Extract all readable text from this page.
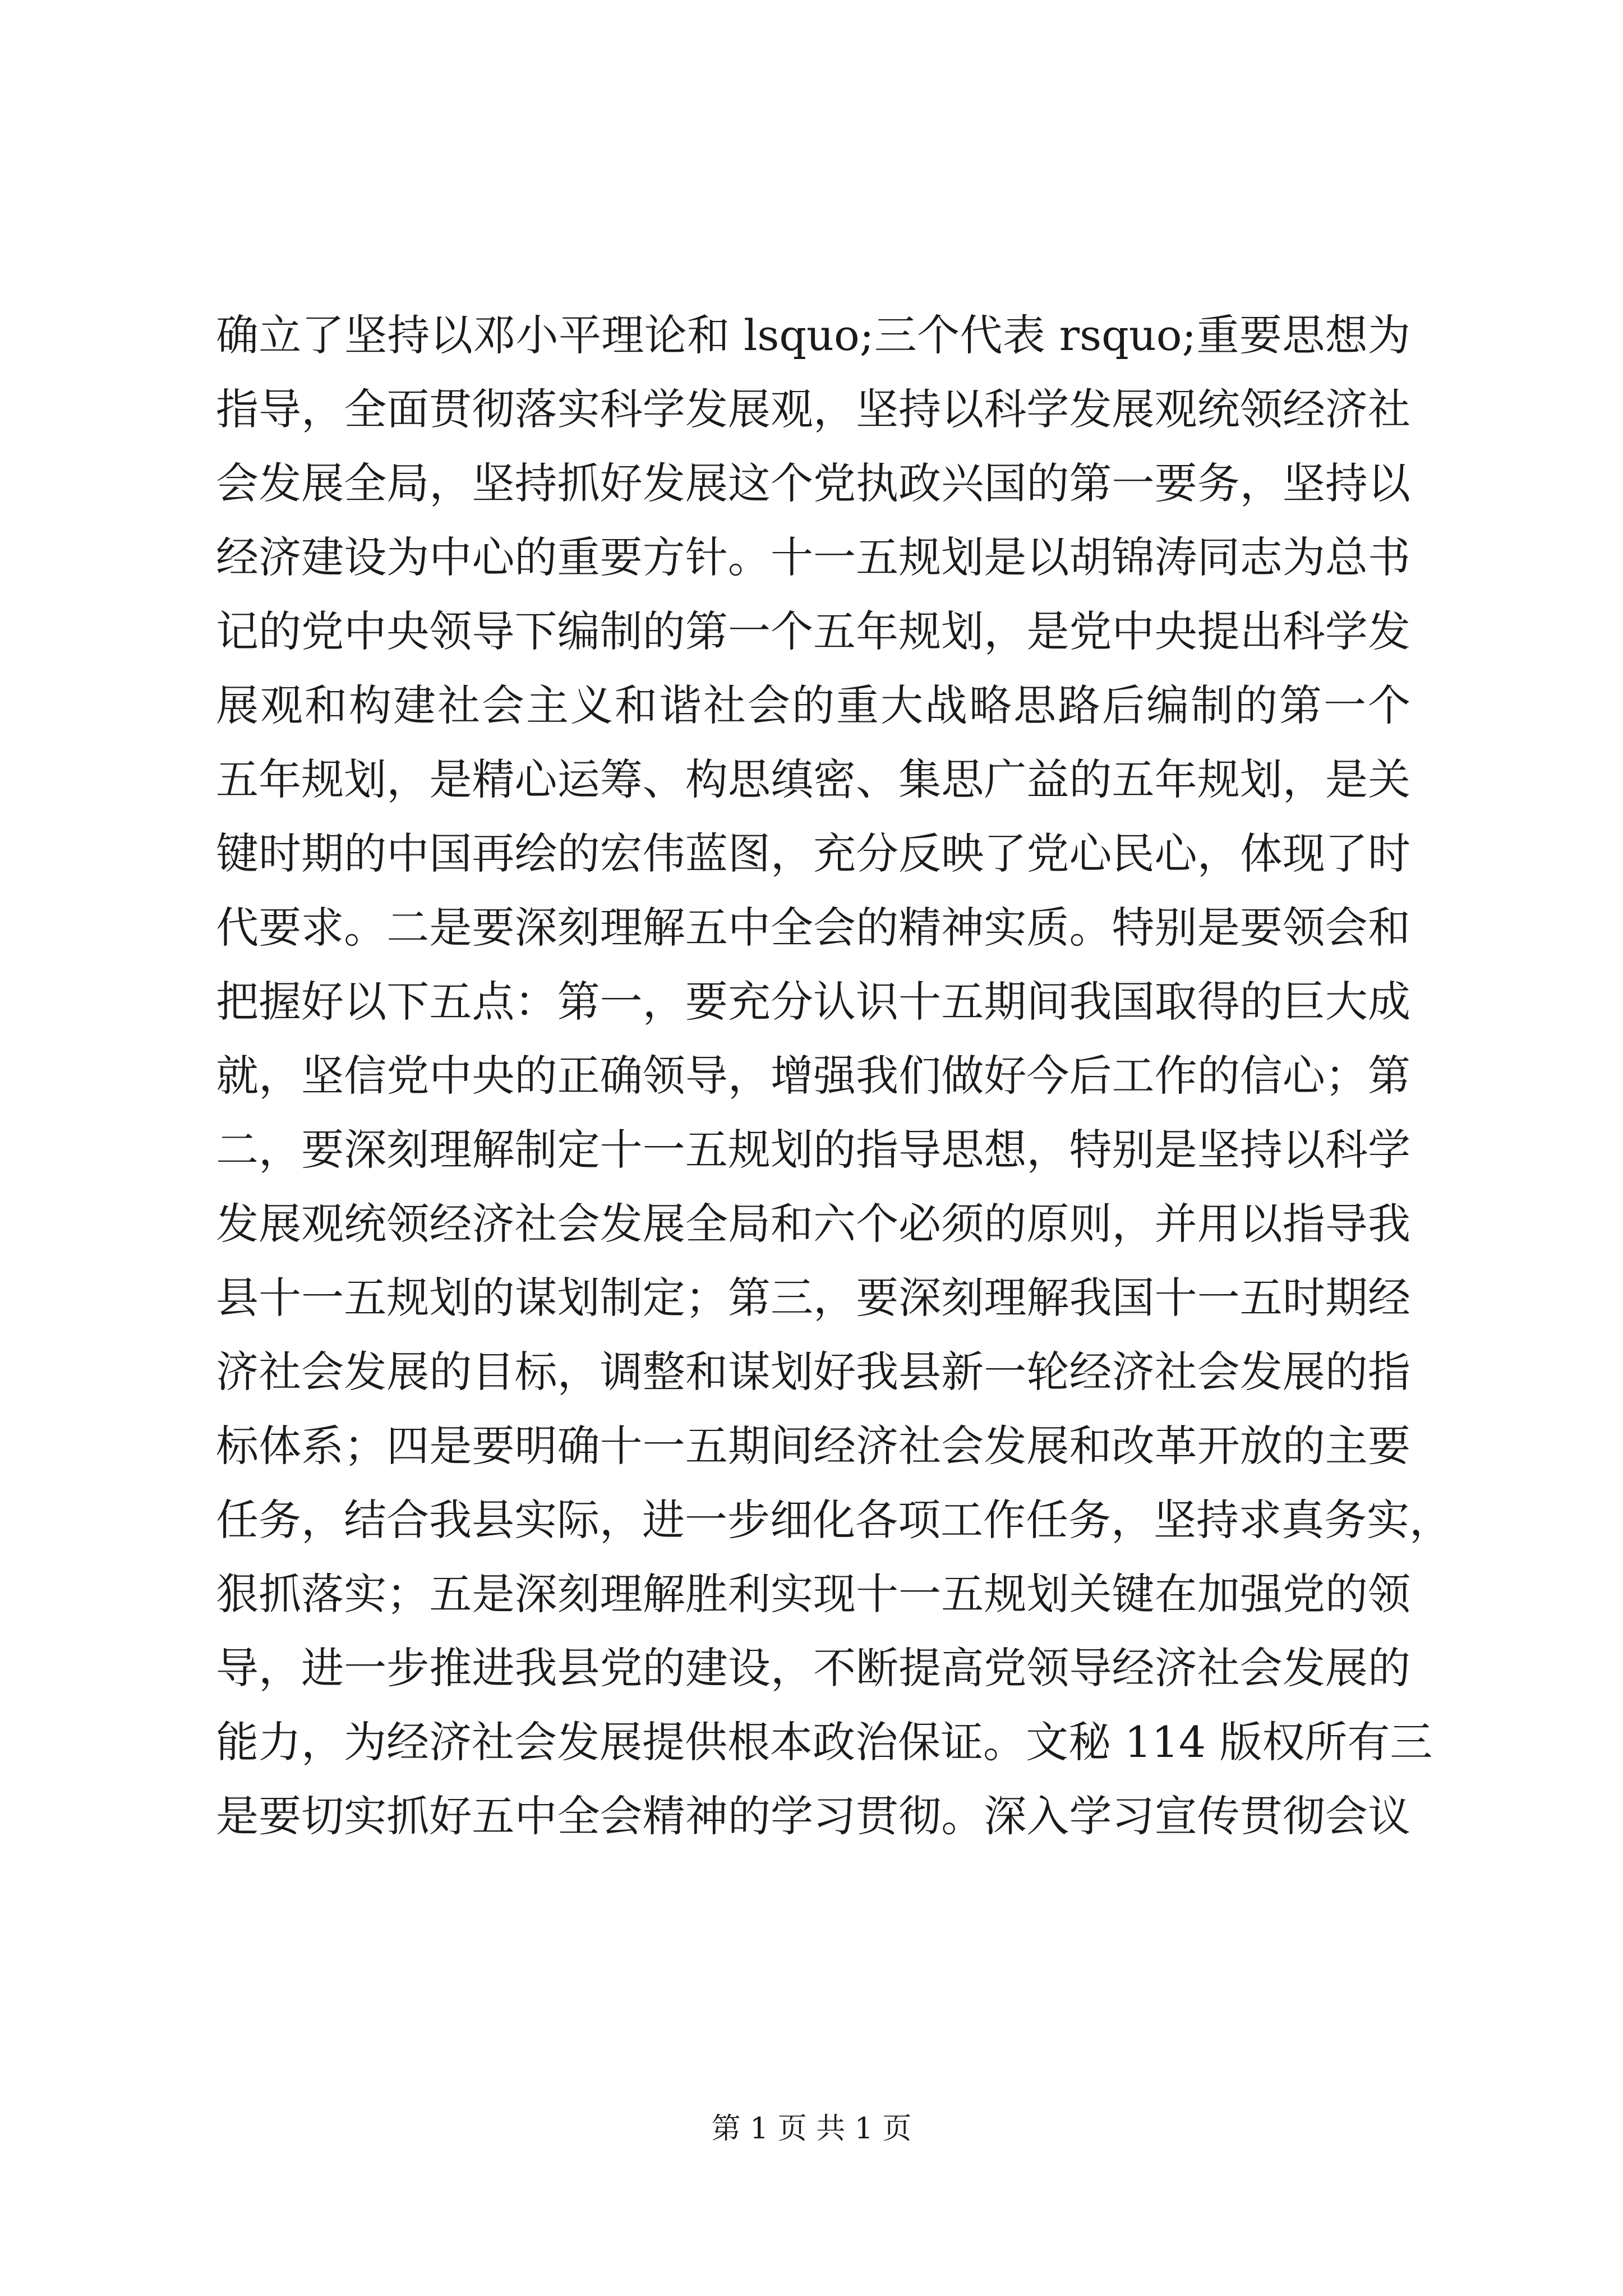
确立了坚持以邓小平理论和 lsquo;三个代表 rsquo;重要思想为
指导，全面贯彻落实科学发展观，坚持以科学发展观统领经济社
会发展全局，坚持抓好发展这个党执政兴国的第一要务，坚持以
经济建设为中心的重要方针。十一五规划是以胡锦涛同志为总书
记的党中央领导下编制的第一个五年规划，是党中央提出科学发
展观和构建社会主义和谐社会的重大战略思路后编制的第一个
五年规划，是精心运筹、构思缜密、集思广益的五年规划，是关
键时期的中国再绘的宏伟蓝图，充分反映了党心民心，体现了时
代要求。二是要深刻理解五中全会的精神实质。特别是要领会和
把握好以下五点：第一，要充分认识十五期间我国取得的巨大成
就，坚信党中央的正确领导，增强我们做好今后工作的信心；第
二，要深刻理解制定十一五规划的指导思想，特别是坚持以科学
发展观统领经济社会发展全局和六个必须的原则，并用以指导我
县十一五规划的谋划制定；第三，要深刻理解我国十一五时期经
济社会发展的目标，调整和谋划好我县新一轮经济社会发展的指
标体系；四是要明确十一五期间经济社会发展和改革开放的主要
任务，结合我县实际，进一步细化各项工作任务，坚持求真务实，
狠抓落实；五是深刻理解胜利实现十一五规划关键在加强党的领
导，进一步推进我县党的建设，不断提高党领导经济社会发展的
能力，为经济社会发展提供根本政治保证。文秘 114 版权所有三
是要切实抓好五中全会精神的学习贯彻。深入学习宣传贯彻会议
第 1 页 共 1 页
